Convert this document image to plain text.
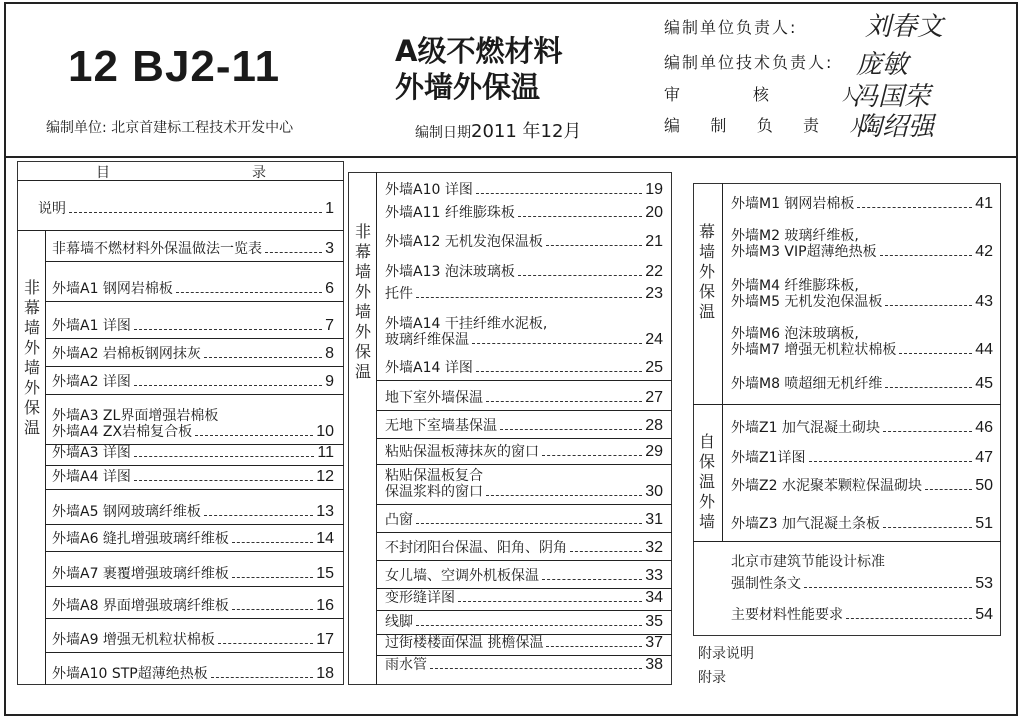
12 BJ2-11
编制单位: 北京首建标工程技术开发中心
A级不燃材料
外墙外保温
编制日期2011 年12月
编制单位负责人:
编制单位技术负责人:
审          核          人:
编    制    负    责    人:
刘春文
庞敏
冯国荣
陶绍强
目	录
说明	1
非幕墙外墙外保温
非幕墙不燃材料外保温做法一览表	3
外墙A1 钢网岩棉板	6
外墙A1 详图	7
外墙A2 岩棉板钢网抹灰	8
外墙A2 详图	9
外墙A3 ZL界面增强岩棉板
外墙A4 ZX岩棉复合板	10
外墙A3 详图	11
外墙A4 详图	12
外墙A5 钢网玻璃纤维板	13
外墙A6 缝扎增强玻璃纤维板	14
外墙A7 裹覆增强玻璃纤维板	15
外墙A8 界面增强玻璃纤维板	16
外墙A9 增强无机粒状棉板	17
外墙A10 STP超薄绝热板	18
非幕墙外墙外保温
外墙A10 详图	19
外墙A11 纤维膨珠板	20
外墙A12 无机发泡保温板	21
外墙A13 泡沫玻璃板	22
托件	23
外墙A14 干挂纤维水泥板,
玻璃纤维保温	24
外墙A14 详图	25
地下室外墙保温	27
无地下室墙基保温	28
粘贴保温板薄抹灰的窗口	29
粘贴保温板复合
保温浆料的窗口	30
凸窗	31
不封闭阳台保温、阳角、阴角	32
女儿墙、空调外机板保温	33
变形缝详图	34
线脚	35
过街楼楼面保温 挑檐保温	37
雨水管	38
幕墙外保温
自保温外墙
外墙M1 钢网岩棉板	41
外墙M2 玻璃纤维板,
外墙M3 VIP超薄绝热板	42
外墙M4 纤维膨珠板,
外墙M5 无机发泡保温板	43
外墙M6 泡沫玻璃板,
外墙M7 增强无机粒状棉板	44
外墙M8 喷超细无机纤维	45
外墙Z1 加气混凝土砌块	46
外墙Z1详图	47
外墙Z2 水泥聚苯颗粒保温砌块	50
外墙Z3 加气混凝土条板	51
北京市建筑节能设计标准
强制性条文	53
主要材料性能要求	54
附录说明
附录
